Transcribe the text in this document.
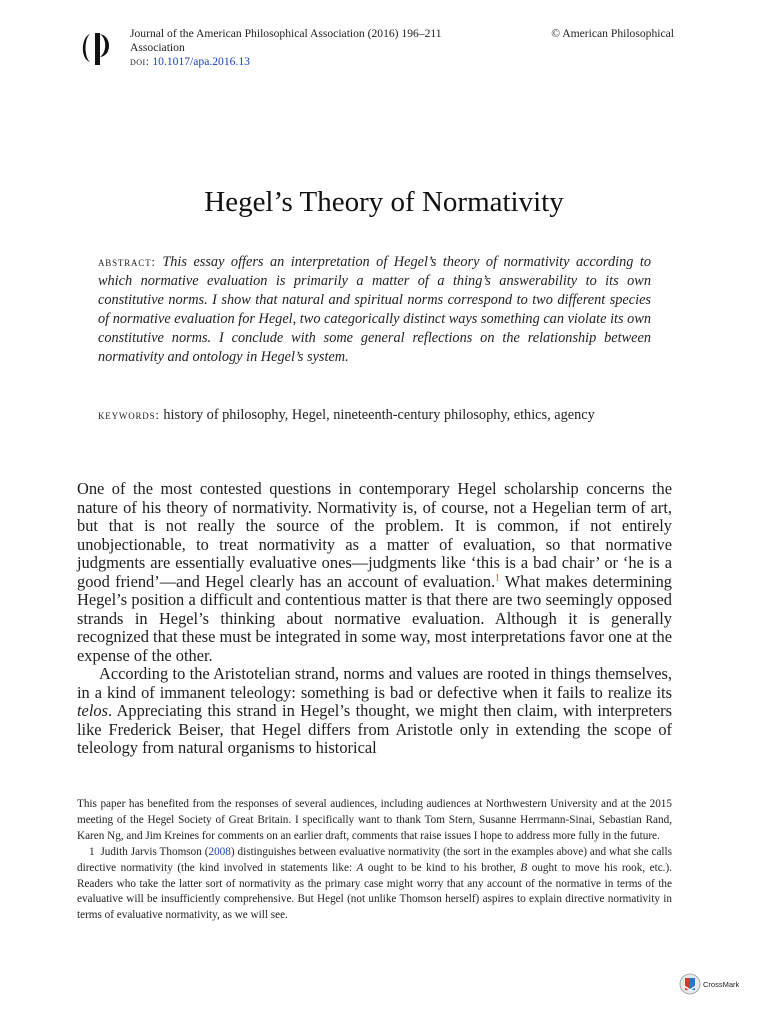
Journal of the American Philosophical Association (2016) 196–211	© American Philosophical
Association
doi: 10.1017/apa.2016.13
Hegel’s Theory of Normativity
abstract: This essay offers an interpretation of Hegel’s theory of normativity according to which normative evaluation is primarily a matter of a thing’s answerability to its own constitutive norms. I show that natural and spiritual norms correspond to two different species of normative evaluation for Hegel, two categorically distinct ways something can violate its own constitutive norms. I conclude with some general reflections on the relationship between normativity and ontology in Hegel’s system.
keywords: history of philosophy, Hegel, nineteenth-century philosophy, ethics, agency

One of the most contested questions in contemporary Hegel scholarship concerns the nature of his theory of normativity. Normativity is, of course, not a Hegelian term of art, but that is not really the source of the problem. It is common, if not entirely unobjectionable, to treat normativity as a matter of evaluation, so that normative judgments are essentially evaluative ones—judgments like ‘this is a bad chair’ or ‘he is a good friend’—and Hegel clearly has an account of evaluation.$^1$ What makes determining Hegel’s position a difficult and contentious matter is that there are two seemingly opposed strands in Hegel’s thinking about normative evaluation. Although it is generally recognized that these must be integrated in some way, most interpretations favor one at the expense of the other.

According to the Aristotelian strand, norms and values are rooted in things themselves, in a kind of immanent teleology: something is bad or defective when it fails to realize its telos. Appreciating this strand in Hegel’s thought, we might then claim, with interpreters like Frederick Beiser, that Hegel differs from Aristotle only in extending the scope of teleology from natural organisms to historical

This paper has benefited from the responses of several audiences, including audiences at Northwestern University and at the 2015 meeting of the Hegel Society of Great Britain. I specifically want to thank Tom Stern, Susanne Herrmann-Sinai, Sebastian Rand, Karen Ng, and Jim Kreines for comments on an earlier draft, comments that raise issues I hope to address more fully in the future.

1 Judith Jarvis Thomson (2008) distinguishes between evaluative normativity (the sort in the examples above) and what she calls directive normativity (the kind involved in statements like: A ought to be kind to his brother, B ought to move his rook, etc.). Readers who take the latter sort of normativity as the primary case might worry that any account of the normative in terms of the evaluative will be insufficiently comprehensive. But Hegel (not unlike Thomson herself) aspires to explain directive normativity in terms of evaluative normativity, as we will see.

CrossMark
